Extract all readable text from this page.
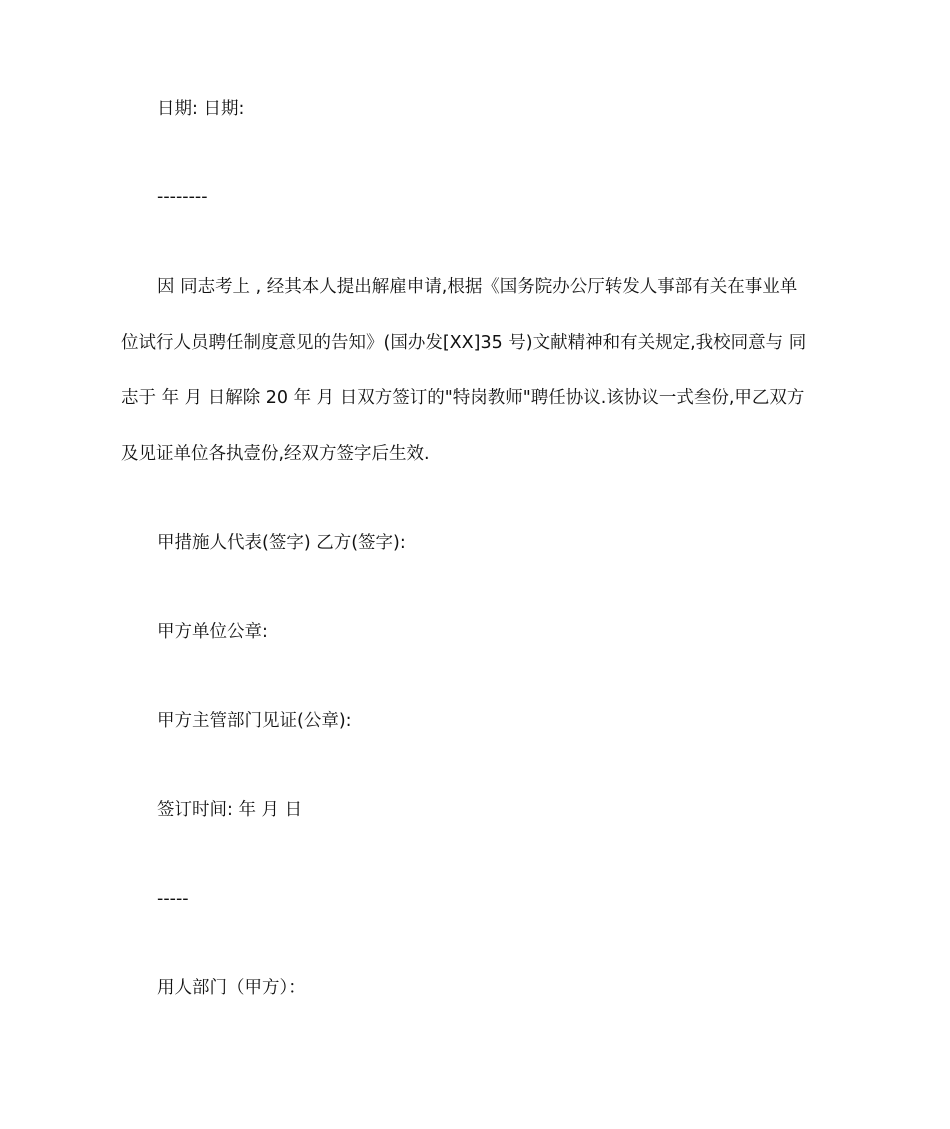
日期: 日期:
--------
因 同志考上 , 经其本人提出解雇申请,根据《国务院办公厅转发人事部有关在事业单
位试行人员聘任制度意见的告知》(国办发[XX]35 号)文献精神和有关规定,我校同意与 同
志于 年 月 日解除 20 年 月 日双方签订的"特岗教师"聘任协议.该协议一式叁份,甲乙双方
及见证单位各执壹份,经双方签字后生效.
甲措施人代表(签字) 乙方(签字):
甲方单位公章:
甲方主管部门见证(公章):
签订时间: 年 月 日
-----
用人部门（甲方）：
